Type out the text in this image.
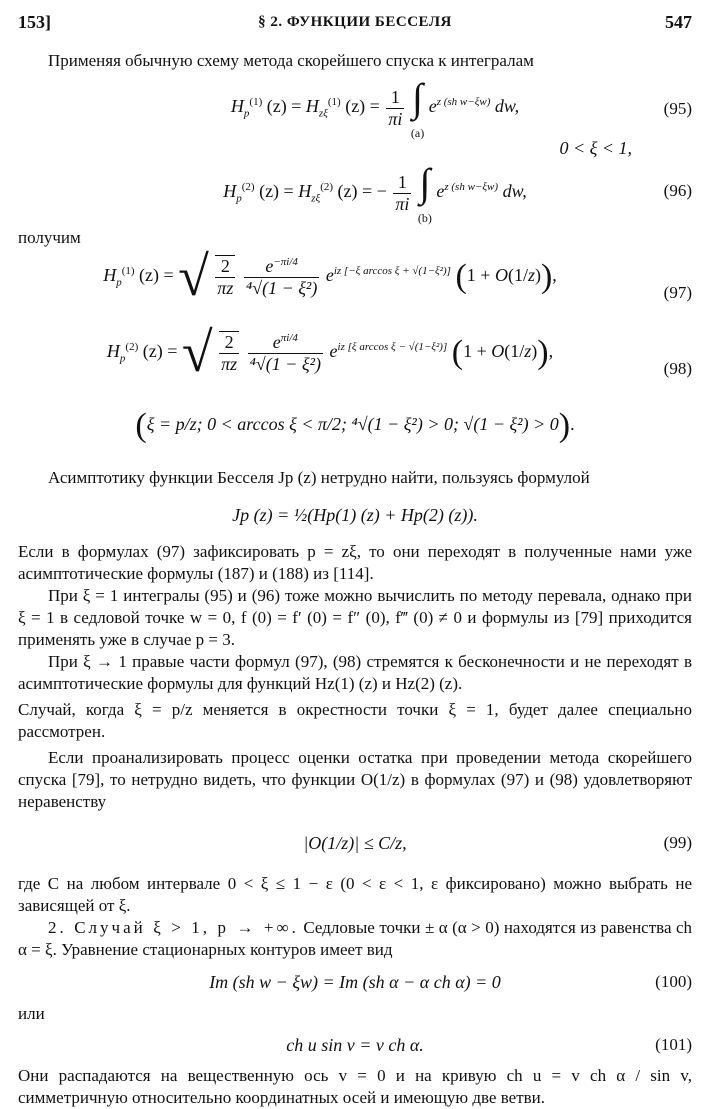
153]	§ 2. ФУНКЦИИ БЕССЕЛЯ	547

Применяя обычную схему метода скорейшего спуска к интегралам

$H_p^{(1)}$ $(z) = H_{z\xi}^{(1)}$ $(z) = \frac{1}{\pi i}$ ∫
(a) $e^{z (sh w-\xi w)}$ dw,	(95)
0 < ξ < 1,
$H_p^{(2)}$ $(z) = H_{z\xi}^{(2)}$ (z) = − $\frac{1}{\pi i}$ ∫
(b) $e^{z (sh w-\xi w)}$ dw,	(96)

получим

$H_p^{(1)}$ (z) = √ $\frac{2}{\pi z}$
$\frac{e^{-\pi i/4}}{\text{⁴√(1 − ξ²)}} e^{iz [-\xi arccos \xi + √(1-\xi^2)]}$ (1 + O(1/z)),
(97)
$H_p^{(2)}$ (z) = √ $\frac{2}{\pi z}$
$\frac{e^{\pi i/4}}{\text{⁴√(1 − ξ²)}} e^{iz [\xi arccos \xi - √(1-\xi^2)]}$ (1 + O(1/z)),
(98)
(ξ = p/z; 0 < arccos ξ < π/2; ⁴√(1 − ξ²) > 0; √(1 − ξ²) > 0).

Асимптотику функции Бесселя Jp (z) нетрудно найти, пользуясь формулой

Jp (z) = ½(Hp(1) (z) + Hp(2) (z)).

Если в формулах (97) зафиксировать p = zξ, то они переходят в полученные нами уже асимптотические формулы (187) и (188) из [114].

При ξ = 1 интегралы (95) и (96) тоже можно вычислить по методу перевала, однако при ξ = 1 в седловой точке w = 0, f (0) = f′ (0) = f″ (0), f‴ (0) ≠ 0 и формулы из [79] приходится применять уже в случае p = 3.

При ξ → 1 правые части формул (97), (98) стремятся к бесконечности и не переходят в асимптотические формулы для функций Hz(1) (z) и Hz(2) (z).

Случай, когда ξ = p/z меняется в окрестности точки ξ = 1, будет далее специально рассмотрен.

Если проанализировать процесс оценки остатка при проведении метода скорейшего спуска [79], то нетрудно видеть, что функции O(1/z) в формулах (97) и (98) удовлетворяют неравенству

|O(1/z)| ≤ C/z,	(99)

где C на любом интервале 0 < ξ ≤ 1 − ε (0 < ε < 1, ε фиксировано) можно выбрать не зависящей от ξ.

2. Случай ξ > 1, p → +∞. Седловые точки ± α (α > 0) находятся из равенства ch α = ξ. Уравнение стационарных контуров имеет вид

Im (sh w − ξw) = Im (sh α − α ch α) = 0	(100)

или

ch u sin v = v ch α.	(101)

Они распадаются на вещественную ось v = 0 и на кривую ch u = v ch α / sin v, симметричную относительно координатных осей и имеющую две ветви.
